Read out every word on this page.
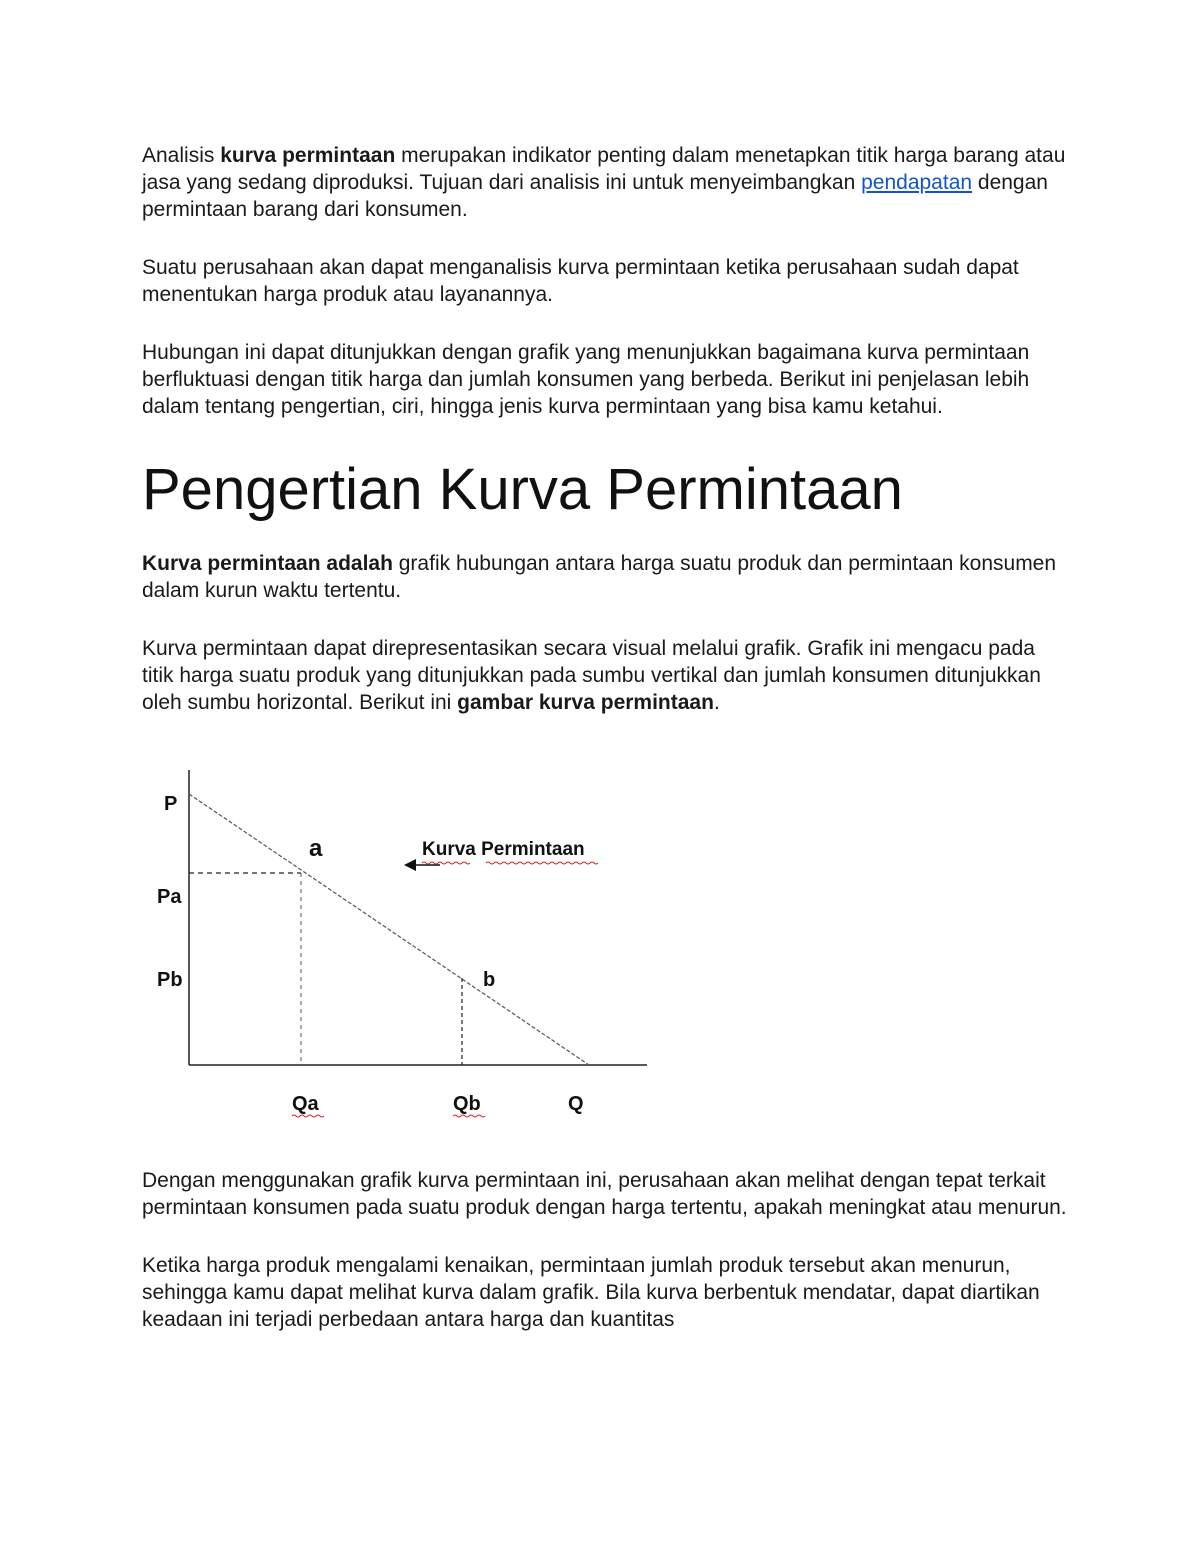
Analisis kurva permintaan merupakan indikator penting dalam menetapkan titik harga barang atau jasa yang sedang diproduksi. Tujuan dari analisis ini untuk menyeimbangkan pendapatan dengan permintaan barang dari konsumen.

Suatu perusahaan akan dapat menganalisis kurva permintaan ketika perusahaan sudah dapat menentukan harga produk atau layanannya.

Hubungan ini dapat ditunjukkan dengan grafik yang menunjukkan bagaimana kurva permintaan berfluktuasi dengan titik harga dan jumlah konsumen yang berbeda. Berikut ini penjelasan lebih dalam tentang pengertian, ciri, hingga jenis kurva permintaan yang bisa kamu ketahui.

Pengertian Kurva Permintaan

Kurva permintaan adalah grafik hubungan antara harga suatu produk dan permintaan konsumen dalam kurun waktu tertentu.

Kurva permintaan dapat direpresentasikan secara visual melalui grafik. Grafik ini mengacu pada titik harga suatu produk yang ditunjukkan pada sumbu vertikal dan jumlah konsumen ditunjukkan oleh sumbu horizontal. Berikut ini gambar kurva permintaan.

P
Pa
Pb
a
b
Qa	Qb	Q
Kurva Permintaan

Dengan menggunakan grafik kurva permintaan ini, perusahaan akan melihat dengan tepat terkait permintaan konsumen pada suatu produk dengan harga tertentu, apakah meningkat atau menurun.

Ketika harga produk mengalami kenaikan, permintaan jumlah produk tersebut akan menurun, sehingga kamu dapat melihat kurva dalam grafik. Bila kurva berbentuk mendatar, dapat diartikan keadaan ini terjadi perbedaan antara harga dan kuantitas
